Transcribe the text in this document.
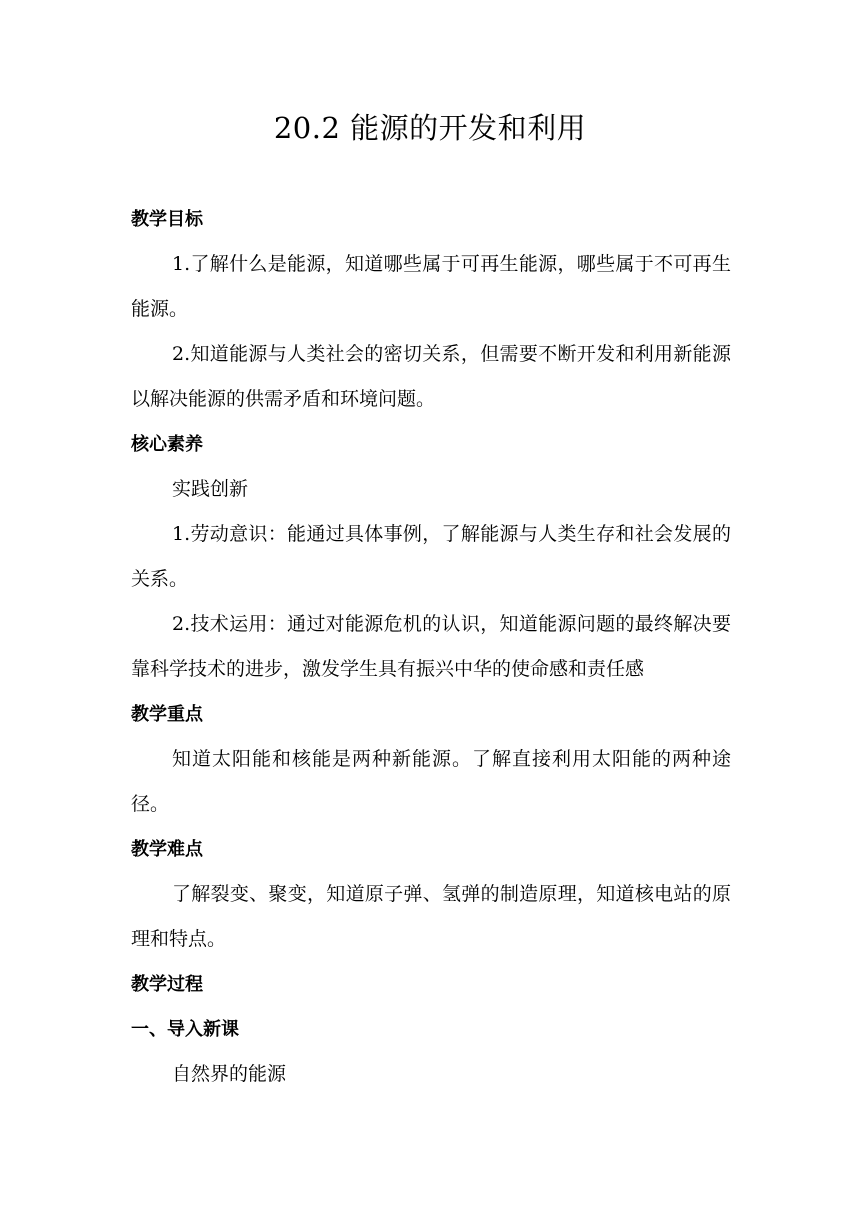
20.2 能源的开发和利用

教学目标

1.了解什么是能源，知道哪些属于可再生能源，哪些属于不可再生能源。

2.知道能源与人类社会的密切关系，但需要不断开发和利用新能源以解决能源的供需矛盾和环境问题。

核心素养

实践创新

1.劳动意识：能通过具体事例，了解能源与人类生存和社会发展的关系。

2.技术运用：通过对能源危机的认识，知道能源问题的最终解决要靠科学技术的进步，激发学生具有振兴中华的使命感和责任感

教学重点

知道太阳能和核能是两种新能源。了解直接利用太阳能的两种途径。

教学难点

了解裂变、聚变，知道原子弹、氢弹的制造原理，知道核电站的原理和特点。

教学过程

一、导入新课

自然界的能源
